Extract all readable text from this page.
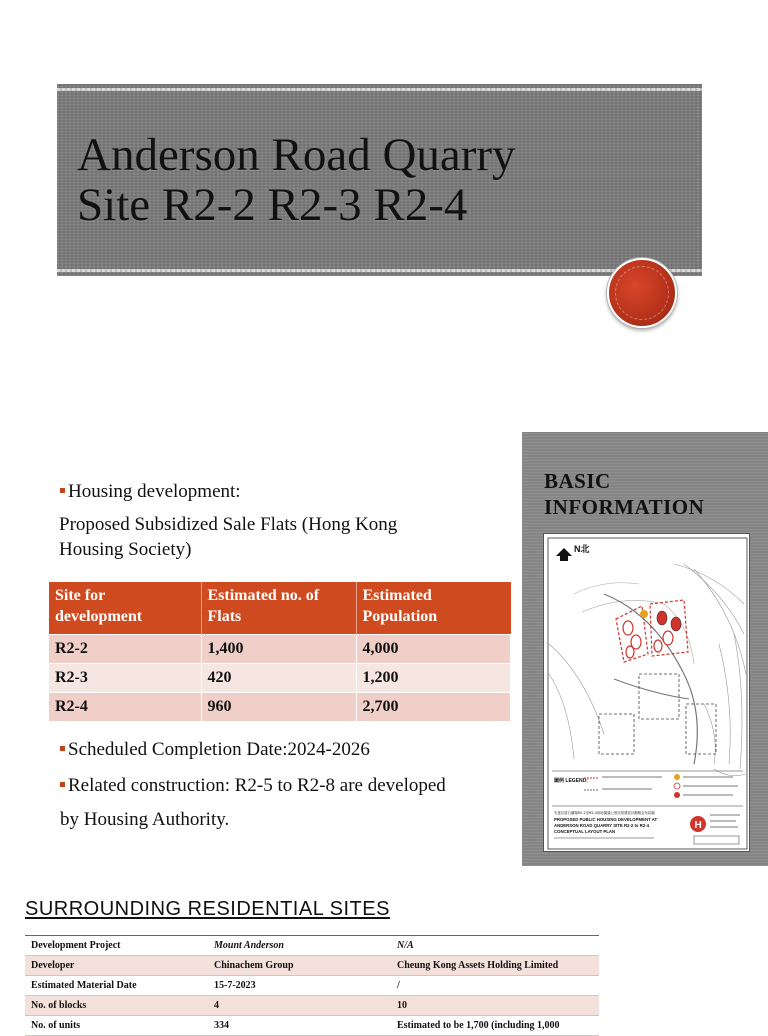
Anderson Road Quarry
Site R2-2 R2-3 R2-4
Housing development:
Proposed Subsidized Sale Flats (Hong Kong
Housing Society)
Site for development	Estimated no. of Flats	Estimated Population
R2-2	1,400	4,000
R2-3	420	1,200
R2-4	960	2,700
Scheduled Completion Date:2024-2026
Related construction: R2-5 to R2-8 are developed
by Housing Authority.
BASIC
INFORMATION
N北
圖例 LEGEND:
安達臣道石礦場R2-2至R2-4用地擬議公營房屋發展計劃概念布局圖
PROPOSED PUBLIC HOUSING DEVELOPMENT AT
ANDERSON ROAD QUARRY SITE R2-2 to R2-4
CONCEPTUAL LAYOUT PLAN
H
SURROUNDING RESIDENTIAL SITES
Development Project	Mount Anderson	N/A
Developer	Chinachem Group	Cheung Kong Assets Holding Limited
Estimated Material Date	15-7-2023	/
No. of blocks	4	10
No. of units	334	Estimated to be 1,700 (including 1,000
